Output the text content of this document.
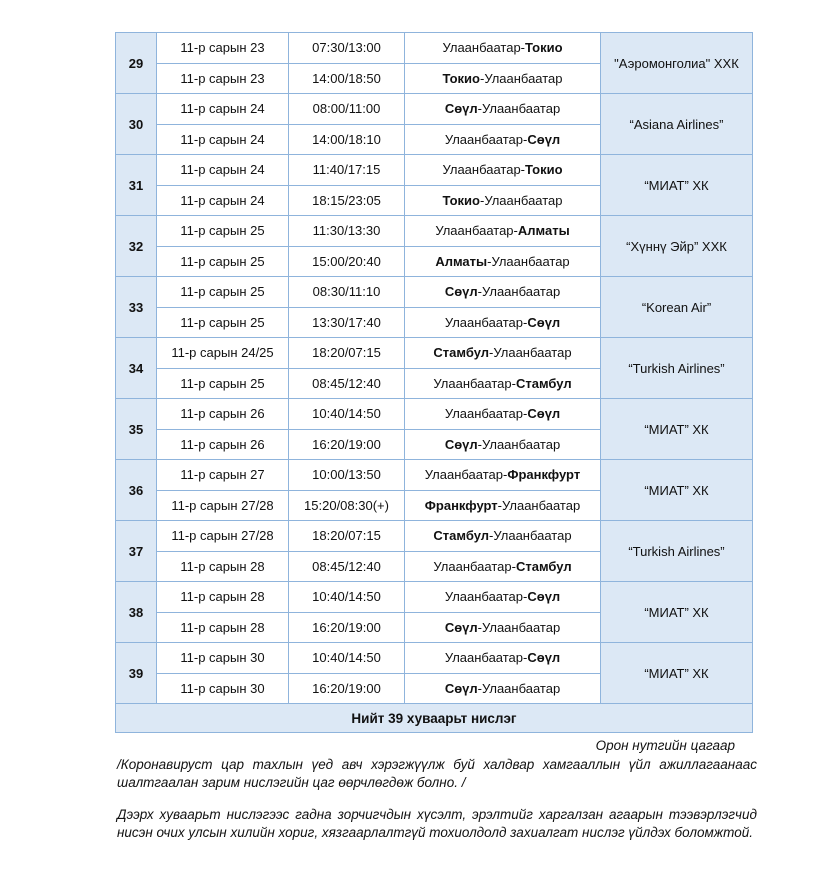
29	11-р сарын 23	07:30/13:00	Улаанбаатар-Токио	"Аэромонголиа" ХХК
	11-р сарын 23	14:00/18:50	Токио-Улаанбаатар	
30	11-р сарын 24	08:00/11:00	Сөүл-Улаанбаатар	“Asiana Airlines”
	11-р сарын 24	14:00/18:10	Улаанбаатар-Сөүл	
31	11-р сарын 24	11:40/17:15	Улаанбаатар-Токио	“МИАТ” ХК
	11-р сарын 24	18:15/23:05	Токио-Улаанбаатар	
32	11-р сарын 25	11:30/13:30	Улаанбаатар-Алматы	“Хүннү Эйр” ХХК
	11-р сарын 25	15:00/20:40	Алматы-Улаанбаатар	
33	11-р сарын 25	08:30/11:10	Сөүл-Улаанбаатар	“Korean Air”
	11-р сарын 25	13:30/17:40	Улаанбаатар-Сөүл	
34	11-р сарын 24/25	18:20/07:15	Стамбул-Улаанбаатар	“Turkish Airlines”
	11-р сарын 25	08:45/12:40	Улаанбаатар-Стамбул	
35	11-р сарын 26	10:40/14:50	Улаанбаатар-Сөүл	“МИАТ” ХК
	11-р сарын 26	16:20/19:00	Сөүл-Улаанбаатар	
36	11-р сарын 27	10:00/13:50	Улаанбаатар-Франкфурт	“МИАТ” ХК
	11-р сарын 27/28	15:20/08:30(+)	Франкфурт-Улаанбаатар	
37	11-р сарын 27/28	18:20/07:15	Стамбул-Улаанбаатар	“Turkish Airlines”
	11-р сарын 28	08:45/12:40	Улаанбаатар-Стамбул	
38	11-р сарын 28	10:40/14:50	Улаанбаатар-Сөүл	“МИАТ” ХК
	11-р сарын 28	16:20/19:00	Сөүл-Улаанбаатар	
39	11-р сарын 30	10:40/14:50	Улаанбаатар-Сөүл	“МИАТ” ХК
	11-р сарын 30	16:20/19:00	Сөүл-Улаанбаатар	
Нийт 39 хуваарьт нислэг				
Орон нутгийн цагаар
/Коронавируст цар тахлын үед авч хэрэгжүүлж буй халдвар хамгааллын үйл ажиллагаанаас шалтгаалан зарим нислэгийн цаг өөрчлөгдөж болно. /
Дээрх хуваарьт нислэгээс гадна зорчигчдын хүсэлт, эрэлтийг харгалзан агаарын тээвэрлэгчид нисэн очих улсын хилийн хориг, хязгаарлалтгүй тохиолдолд захиалгат нислэг үйлдэх боломжтой.
